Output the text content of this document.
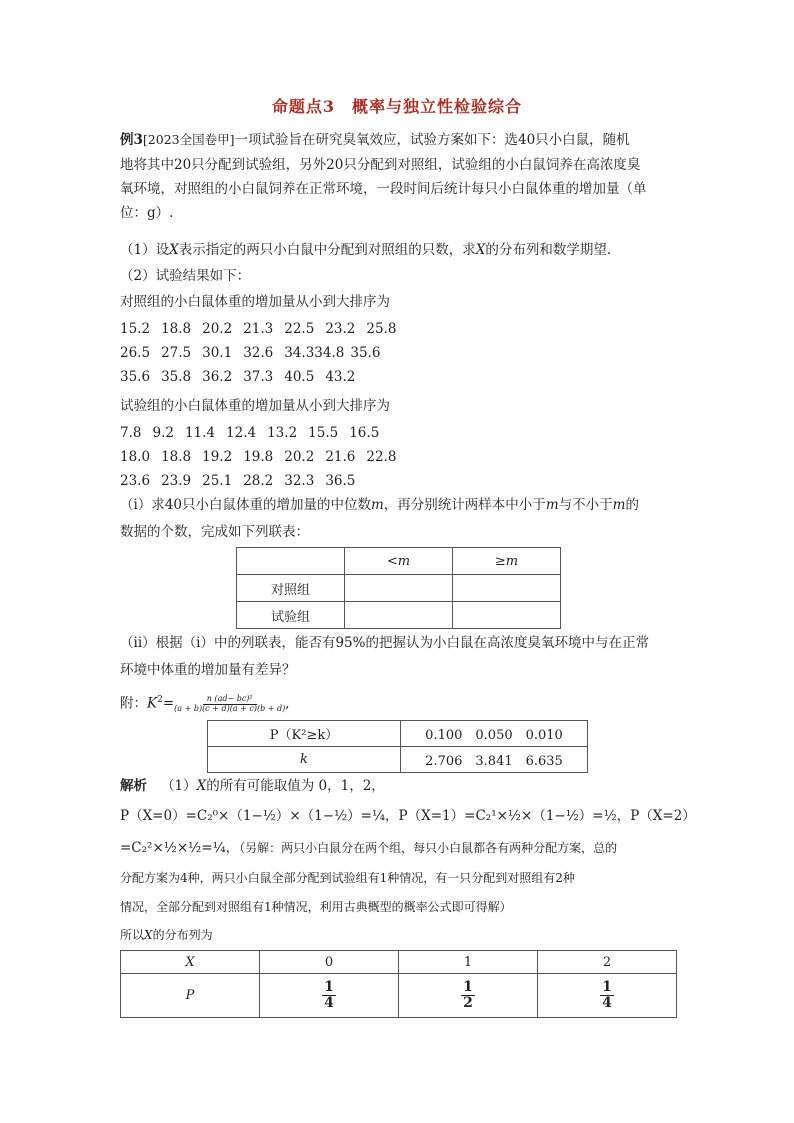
命题点3　概率与独立性检验综合
例3[2023全国卷甲]一项试验旨在研究臭氧效应，试验方案如下：选40只小白鼠，随机
地将其中20只分配到试验组，另外20只分配到对照组，试验组的小白鼠饲养在高浓度臭
氧环境，对照组的小白鼠饲养在正常环境，一段时间后统计每只小白鼠体重的增加量（单
位：g）.
（1）设X表示指定的两只小白鼠中分配到对照组的只数，求X的分布列和数学期望.
（2）试验结果如下：
对照组的小白鼠体重的增加量从小到大排序为
15.2 18.8 20.2 21.3 22.5 23.2 25.8
26.5 27.5 30.1 32.6 34.334.8 35.6
35.6 35.8 36.2 37.3 40.5 43.2
试验组的小白鼠体重的增加量从小到大排序为
7.8 9.2 11.4 12.4 13.2 15.5 16.5
18.0 18.8 19.2 19.8 20.2 21.6 22.8
23.6 23.9 25.1 28.2 32.3 36.5
（i）求40只小白鼠体重的增加量的中位数m，再分别统计两样本中小于m与不小于m的
数据的个数，完成如下列联表：
	<m	≥m
对照组		
试验组		
（ii）根据（i）中的列联表，能否有95%的把握认为小白鼠在高浓度臭氧环境中与在正常
环境中体重的增加量有差异？
附：$K^2= \frac{\text{n (ad− bc)²}}{(a + b)(c + d)(a + c)(b + d)}$ ,
P（K²≥k）	0.100　0.050　0.010
k	2.706　3.841　6.635
解析 （1）X的所有可能取值为 0，1，2，
P（X=0）=C₂⁰×（1−½）×（1−½）=¼，P（X=1）=C₂¹×½×（1−½）=½，P（X=2）
=C₂²×½×½=¼，（另解：两只小白鼠分在两个组，每只小白鼠都各有两种分配方案，总的
分配方案为4种，两只小白鼠全部分配到试验组有1种情况，有一只分配到对照组有2种
情况，全部分配到对照组有1种情况，利用古典概型的概率公式即可得解）
所以X的分布列为
X	0	1	2
P	$\frac{1}{4}$	$\frac{1}{2}$	$\frac{1}{4}$
